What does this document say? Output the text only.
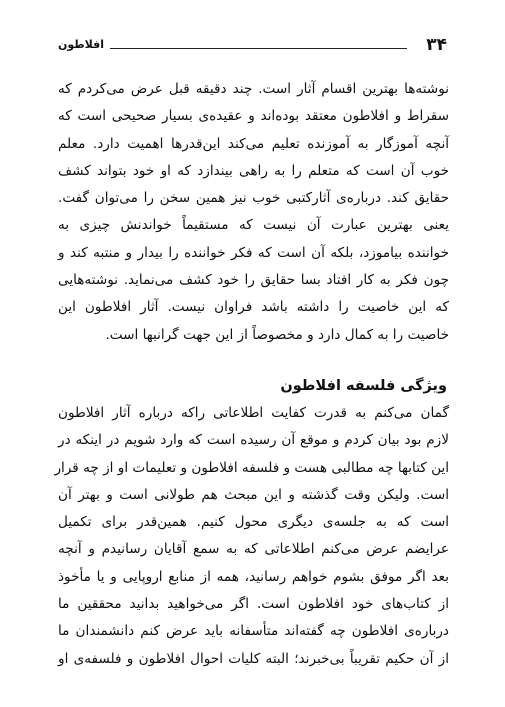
۳۴
افلاطون

نوشته‌ها بهترین اقسام آثار است. چند دقیقه قبل عرض می‌کردم که
سقراط و افلاطون معتقد بوده‌اند و عقیده‌ی بسیار صحیحی است که
آنچه آموزگار به آموزنده تعلیم می‌کند این‌قدرها اهمیت دارد. معلم
خوب آن است که متعلم را به راهی بیندازد که او خود بتواند کشف
حقایق کند. درباره‌ی آثارکتبی خوب نیز همین سخن را می‌توان گفت.
یعنی بهترین عبارت آن نیست که مستقیماً خواندنش چیزی به
خواننده بیاموزد، بلکه آن است که فکر خواننده را بیدار و منتبه کند و
چون فکر به کار افتاد بسا حقایق را خود کشف می‌نماید. نوشته‌هایی
که این خاصیت را داشته باشد فراوان نیست. آثار افلاطون این
خاصیت را به کمال دارد و مخصوصاً از این جهت گرانبها است.

ویژگی فلسفه افلاطون

گمان می‌کنم به قدرت کفایت اطلاعاتی راکه درباره آثار افلاطون
لازم بود بیان کردم و موقع آن رسیده است که وارد شویم در اینکه در
این کتابها چه مطالبی هست و فلسفه افلاطون و تعلیمات او از چه قرار
است. ولیکن وقت گذشته و این مبحث هم طولانی است و بهتر آن
است که به جلسه‌ی دیگری محول کنیم. همین‌قدر برای تکمیل
عرایضم عرض می‌کنم اطلاعاتی که به سمع آقایان رسانیدم و آنچه
بعد اگر موفق بشوم خواهم رسانید، همه از منابع اروپایی و یا مأخوذ
از کتاب‌های خود افلاطون است. اگر می‌خواهید بدانید محققین ما
درباره‌ی افلاطون چه گفته‌اند متأسفانه باید عرض کنم دانشمندان ما
از آن حکیم تقریباً بی‌خبرند؛ البته کلیات احوال افلاطون و فلسفه‌ی او
